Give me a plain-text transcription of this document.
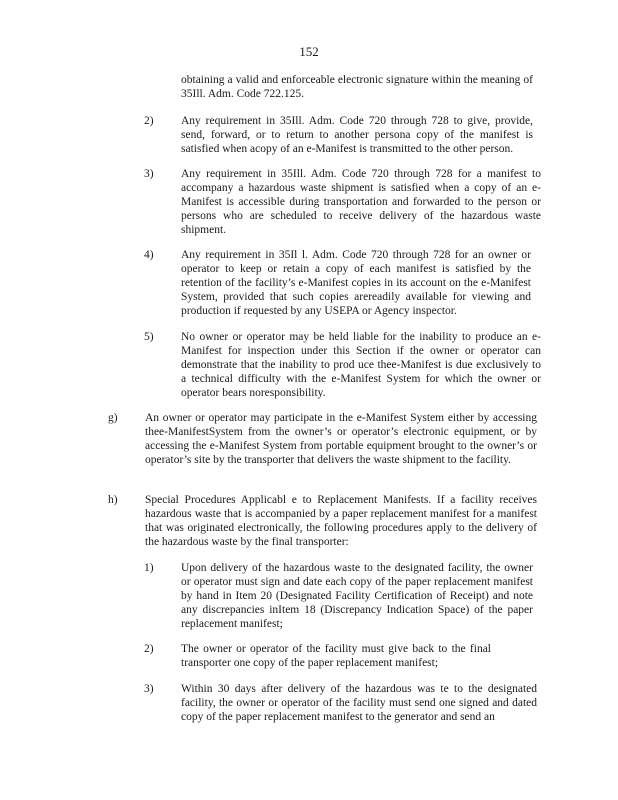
152
obtaining a valid and enforceable electronic signature within the meaning of 35Ill. Adm. Code 722.125.
2) Any requirement in 35Ill. Adm. Code 720 through 728 to give, provide, send, forward, or to return to another persona copy of the manifest is satisfied when acopy of an e-Manifest is transmitted to the other person.
3) Any requirement in 35Ill. Adm. Code 720 through 728 for a manifest to accompany a hazardous waste shipment is satisfied when a copy of an e-Manifest is accessible during transportation and forwarded to the person or persons who are scheduled to receive delivery of the hazardous waste shipment.
4) Any requirement in 35Il l. Adm. Code 720 through 728 for an owner or operator to keep or retain a copy of each manifest is satisfied by the retention of the facility’s e-Manifest copies in its account on the e-Manifest System, provided that such copies arereadily available for viewing and production if requested by any USEPA or Agency inspector.
5) No owner or operator may be held liable for the inability to produce an e-Manifest for inspection under this Section if the owner or operator can demonstrate that the inability to prod uce thee-Manifest is due exclusively to a technical difficulty with the e-Manifest System for which the owner or operator bears noresponsibility.
g) An owner or operator may participate in the e-Manifest System either by accessing thee-ManifestSystem from the owner’s or operator’s electronic equipment, or by accessing the e-Manifest System from portable equipment brought to the owner’s or operator’s site by the transporter that delivers the waste shipment to the facility.
h) Special Procedures Applicabl e to Replacement Manifests. If a facility receives hazardous waste that is accompanied by a paper replacement manifest for a manifest that was originated electronically, the following procedures apply to the delivery of the hazardous waste by the final transporter:
1) Upon delivery of the hazardous waste to the designated facility, the owner or operator must sign and date each copy of the paper replacement manifest by hand in Item 20 (Designated Facility Certification of Receipt) and note any discrepancies inItem 18 (Discrepancy Indication Space) of the paper replacement manifest;
2) The owner or operator of the facility must give back to the final transporter one copy of the paper replacement manifest;
3) Within 30 days after delivery of the hazardous was te to the designated facility, the owner or operator of the facility must send one signed and dated copy of the paper replacement manifest to the generator and send an
